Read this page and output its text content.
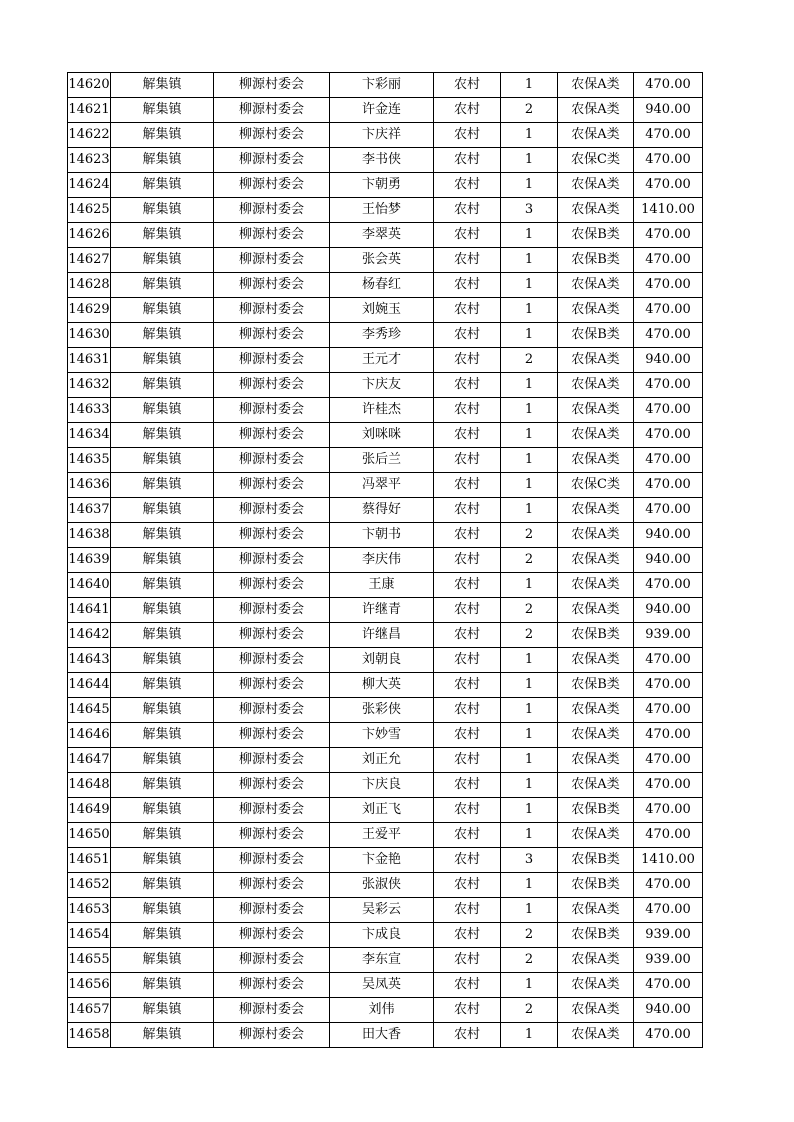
14620	解集镇	柳源村委会	卞彩丽	农村	1	农保A类	470.00
14621	解集镇	柳源村委会	许金连	农村	2	农保A类	940.00
14622	解集镇	柳源村委会	卞庆祥	农村	1	农保A类	470.00
14623	解集镇	柳源村委会	李书侠	农村	1	农保C类	470.00
14624	解集镇	柳源村委会	卞朝勇	农村	1	农保A类	470.00
14625	解集镇	柳源村委会	王怡梦	农村	3	农保A类	1410.00
14626	解集镇	柳源村委会	李翠英	农村	1	农保B类	470.00
14627	解集镇	柳源村委会	张会英	农村	1	农保B类	470.00
14628	解集镇	柳源村委会	杨春红	农村	1	农保A类	470.00
14629	解集镇	柳源村委会	刘婉玉	农村	1	农保A类	470.00
14630	解集镇	柳源村委会	李秀珍	农村	1	农保B类	470.00
14631	解集镇	柳源村委会	王元才	农村	2	农保A类	940.00
14632	解集镇	柳源村委会	卞庆友	农村	1	农保A类	470.00
14633	解集镇	柳源村委会	许桂杰	农村	1	农保A类	470.00
14634	解集镇	柳源村委会	刘咪咪	农村	1	农保A类	470.00
14635	解集镇	柳源村委会	张后兰	农村	1	农保A类	470.00
14636	解集镇	柳源村委会	冯翠平	农村	1	农保C类	470.00
14637	解集镇	柳源村委会	蔡得好	农村	1	农保A类	470.00
14638	解集镇	柳源村委会	卞朝书	农村	2	农保A类	940.00
14639	解集镇	柳源村委会	李庆伟	农村	2	农保A类	940.00
14640	解集镇	柳源村委会	王康	农村	1	农保A类	470.00
14641	解集镇	柳源村委会	许继青	农村	2	农保A类	940.00
14642	解集镇	柳源村委会	许继昌	农村	2	农保B类	939.00
14643	解集镇	柳源村委会	刘朝良	农村	1	农保A类	470.00
14644	解集镇	柳源村委会	柳大英	农村	1	农保B类	470.00
14645	解集镇	柳源村委会	张彩侠	农村	1	农保A类	470.00
14646	解集镇	柳源村委会	卞妙雪	农村	1	农保A类	470.00
14647	解集镇	柳源村委会	刘正允	农村	1	农保A类	470.00
14648	解集镇	柳源村委会	卞庆良	农村	1	农保A类	470.00
14649	解集镇	柳源村委会	刘正飞	农村	1	农保B类	470.00
14650	解集镇	柳源村委会	王爱平	农村	1	农保A类	470.00
14651	解集镇	柳源村委会	卞金艳	农村	3	农保B类	1410.00
14652	解集镇	柳源村委会	张淑侠	农村	1	农保B类	470.00
14653	解集镇	柳源村委会	吴彩云	农村	1	农保A类	470.00
14654	解集镇	柳源村委会	卞成良	农村	2	农保B类	939.00
14655	解集镇	柳源村委会	李东宣	农村	2	农保A类	939.00
14656	解集镇	柳源村委会	吴凤英	农村	1	农保A类	470.00
14657	解集镇	柳源村委会	刘伟	农村	2	农保A类	940.00
14658	解集镇	柳源村委会	田大香	农村	1	农保A类	470.00
